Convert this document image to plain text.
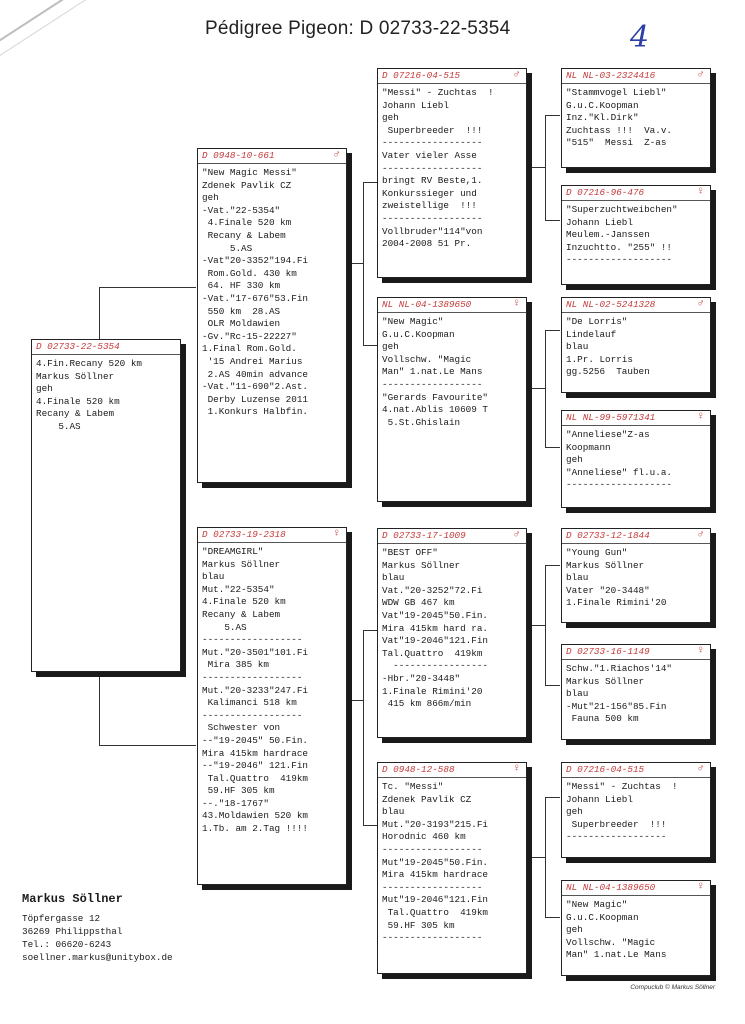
Pédigree Pigeon: D 02733-22-5354	4
D 02733-22-5354
4.Fin.Recany 520 km
Markus Söllner
geh
4.Finale 520 km
Recany & Labem
5.AS
D 0948-10-661	♂
"New Magic Messi"
Zdenek Pavlik CZ
geh
-Vat."22-5354"
4.Finale 520 km
Recany & Labem
5.AS
-Vat"20-3352"194.Fi
Rom.Gold. 430 km
64. HF 330 km
-Vat."17-676"53.Fin
550 km  28.AS
OLR Moldawien
-Gv."Rc-15-22227"
1.Final Rom.Gold.
'15 Andrei Marius
2.AS 40min advance
-Vat."11-690"2.Ast.
Derby Luzense 2011
1.Konkurs Halbfin.
D 02733-19-2318	♀
"DREAMGIRL"
Markus Söllner
blau
Mut."22-5354"
4.Finale 520 km
Recany & Labem
5.AS
------------------
Mut."20-3501"101.Fi
Mira 385 km
------------------
Mut."20-3233"247.Fi
Kalimanci 518 km
------------------
Schwester von
--"19-2045" 50.Fin.
Mira 415km hardrace
--"19-2046" 121.Fin
Tal.Quattro  419km
59.HF 305 km
--."18-1767"
43.Moldawien 520 km
1.Tb. am 2.Tag !!!!
D 07216-04-515	♂
"Messi" - Zuchtas  !
Johann Liebl
geh
Superbreeder  !!!
------------------
Vater vieler Asse
------------------
bringt RV Beste,1.
Konkurssieger und
zweistellige  !!!
------------------
Vollbruder"114"von
2004-2008 51 Pr.
NL NL-04-1389650	♀
"New Magic"
G.u.C.Koopman
geh
Vollschw. "Magic
Man" 1.nat.Le Mans
------------------
"Gerards Favourite"
4.nat.Ablis 10609 T
5.St.Ghislain
D 02733-17-1009	♂
"BEST OFF"
Markus Söllner
blau
Vat."20-3252"72.Fi
WDW GB 467 km
Vat"19-2045"50.Fin.
Mira 415km hard ra.
Vat"19-2046"121.Fin
Tal.Quattro  419km
-----------------
-Hbr."20-3448"
1.Finale Rimini'20
415 km 866m/min
D 0948-12-588	♀
Tc. "Messi"
Zdenek Pavlik CZ
blau
Mut."20-3193"215.Fi
Horodnic 460 km
------------------
Mut"19-2045"50.Fin.
Mira 415km hardrace
------------------
Mut"19-2046"121.Fin
Tal.Quattro  419km
59.HF 305 km
------------------
NL NL-03-2324416	♂
"Stammvogel Liebl"
G.u.C.Koopman
Inz."Kl.Dirk"
Zuchtass !!!  Va.v.
"515"  Messi  Z-as
D 07216-96-476	♀
"Superzuchtweibchen"
Johann Liebl
Meulem.-Janssen
Inzuchtto. "255" !!
-------------------
NL NL-02-5241328	♂
"De Lorris"
Lindelauf
blau
1.Pr. Lorris
gg.5256  Tauben
NL NL-99-5971341	♀
"Anneliese"Z-as
Koopmann
geh
"Anneliese" fl.u.a.
-------------------
D 02733-12-1844	♂
"Young Gun"
Markus Söllner
blau
Vater "20-3448"
1.Finale Rimini'20
D 02733-16-1149	♀
Schw."1.Riachos'14"
Markus Söllner
blau
-Mut"21-156"85.Fin
Fauna 500 km
D 07216-04-515	♂
"Messi" - Zuchtas  !
Johann Liebl
geh
Superbreeder  !!!
------------------
NL NL-04-1389650	♀
"New Magic"
G.u.C.Koopman
geh
Vollschw. "Magic
Man" 1.nat.Le Mans
Markus Söllner
Töpfergasse 12
36269 Philippsthal
Tel.: 06620-6243
soellner.markus@unitybox.de
Compuclub © Markus Söllner
